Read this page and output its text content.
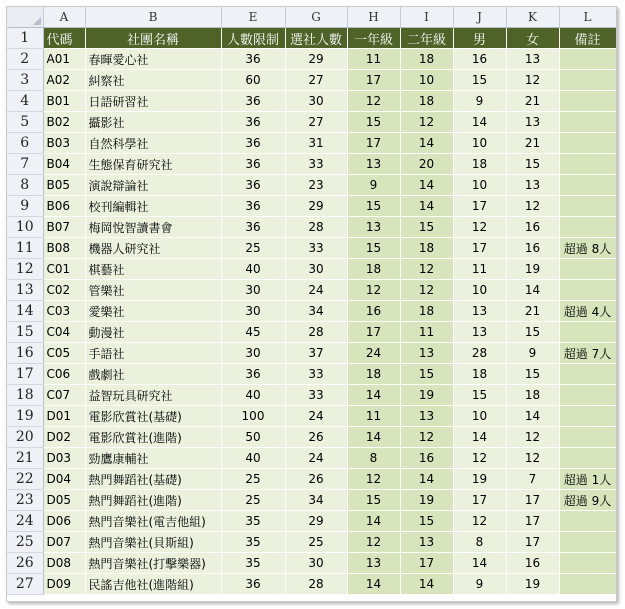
	A	B	E	G	H	I	J	K	L
1	代碼	社團名稱	人數限制	選社人數	一年級	二年級	男	女	備註
2	A01	春暉愛心社	36	29	11	18	16	13	
3	A02	糾察社	60	27	17	10	15	12	
4	B01	日語研習社	36	30	12	18	9	21	
5	B02	攝影社	36	27	15	12	14	13	
6	B03	自然科學社	36	31	17	14	10	21	
7	B04	生態保育研究社	36	33	13	20	18	15	
8	B05	演說辯論社	36	23	9	14	10	13	
9	B06	校刊編輯社	36	29	15	14	17	12	
10	B07	梅岡悅智讀書會	36	28	13	15	12	16	
11	B08	機器人研究社	25	33	15	18	17	16	超過 8人
12	C01	棋藝社	40	30	18	12	11	19	
13	C02	管樂社	30	24	12	12	10	14	
14	C03	愛樂社	30	34	16	18	13	21	超過 4人
15	C04	動漫社	45	28	17	11	13	15	
16	C05	手語社	30	37	24	13	28	9	超過 7人
17	C06	戲劇社	36	33	18	15	18	15	
18	C07	益智玩具研究社	40	33	14	19	15	18	
19	D01	電影欣賞社(基礎)	100	24	11	13	10	14	
20	D02	電影欣賞社(進階)	50	26	14	12	14	12	
21	D03	勁鷹康輔社	40	24	8	16	12	12	
22	D04	熱門舞蹈社(基礎)	25	26	12	14	19	7	超過 1人
23	D05	熱門舞蹈社(進階)	25	34	15	19	17	17	超過 9人
24	D06	熱門音樂社(電吉他組)	35	29	14	15	12	17	
25	D07	熱門音樂社(貝斯組)	35	25	12	13	8	17	
26	D08	熱門音樂社(打擊樂器)	35	30	13	17	14	16	
27	D09	民謠吉他社(進階組)	36	28	14	14	9	19	
